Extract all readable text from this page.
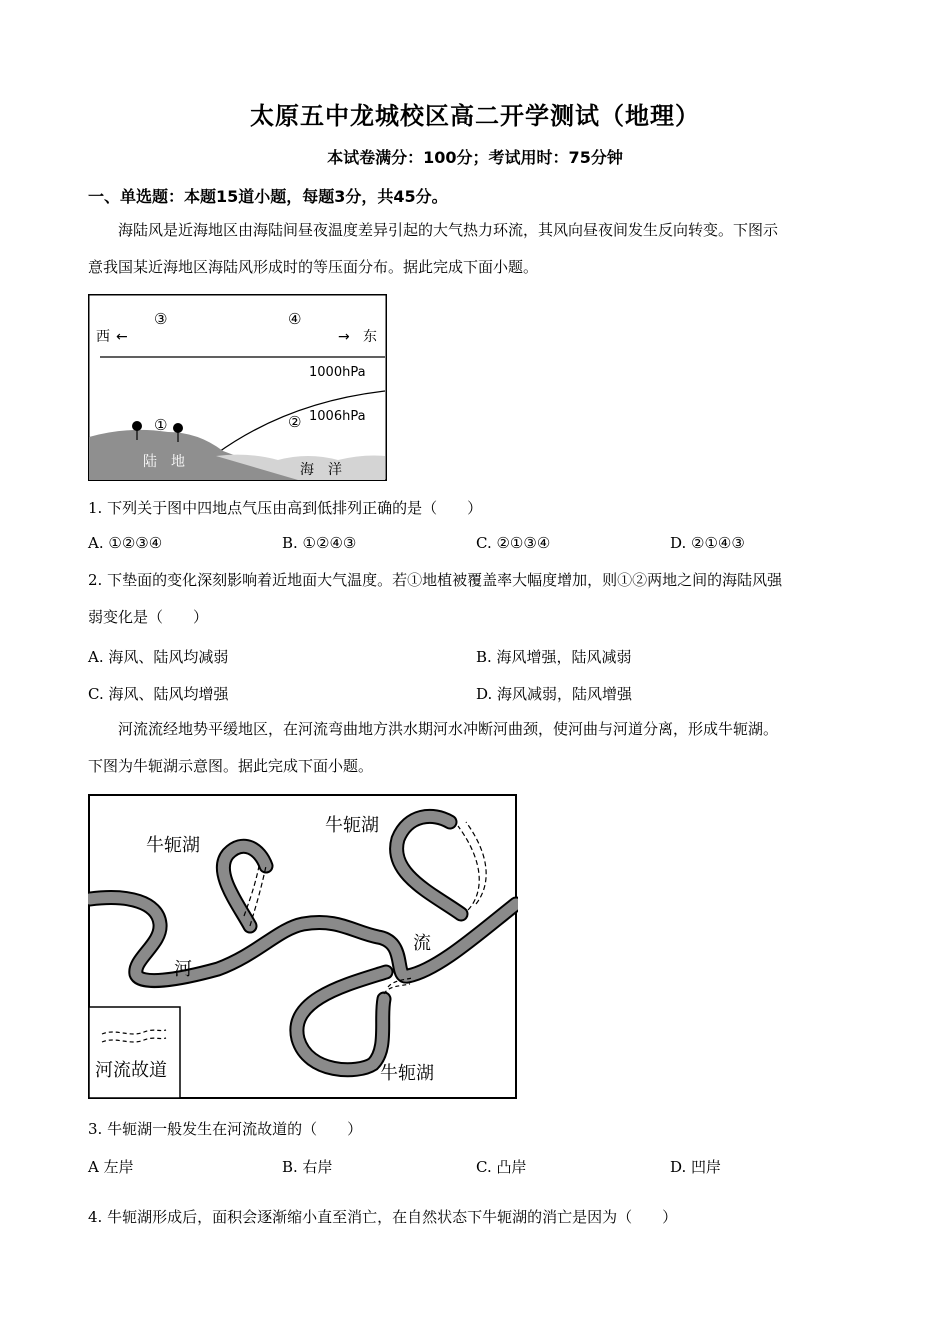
太原五中龙城校区高二开学测试（地理）
本试卷满分：100分；考试用时：75分钟
一、单选题：本题15道小题，每题3分，共45分。
海陆风是近海地区由海陆间昼夜温度差异引起的大气热力环流，其风向昼夜间发生反向转变。下图示
意我国某近海地区海陆风形成时的等压面分布。据此完成下面小题。
③	④
西 ←	→ 东
1000hPa
1006hPa
②
①
陆　地	海　洋
1. 下列关于图中四地点气压由高到低排列正确的是（　　）
A. ①②③④	B. ①②④③	C. ②①③④	D. ②①④③
2. 下垫面的变化深刻影响着近地面大气温度。若①地植被覆盖率大幅度增加，则①②两地之间的海陆风强
弱变化是（　　）
A. 海风、陆风均减弱	B. 海风增强，陆风减弱
C. 海风、陆风均增强	D. 海风减弱，陆风增强
河流流经地势平缓地区，在河流弯曲地方洪水期河水冲断河曲颈，使河曲与河道分离，形成牛轭湖。
下图为牛轭湖示意图。据此完成下面小题。
牛轭湖
牛轭湖
牛轭湖
河
流
河流故道
3. 牛轭湖一般发生在河流故道的（　　）
A 左岸	B. 右岸	C. 凸岸	D. 凹岸
4. 牛轭湖形成后，面积会逐渐缩小直至消亡，在自然状态下牛轭湖的消亡是因为（　　）
